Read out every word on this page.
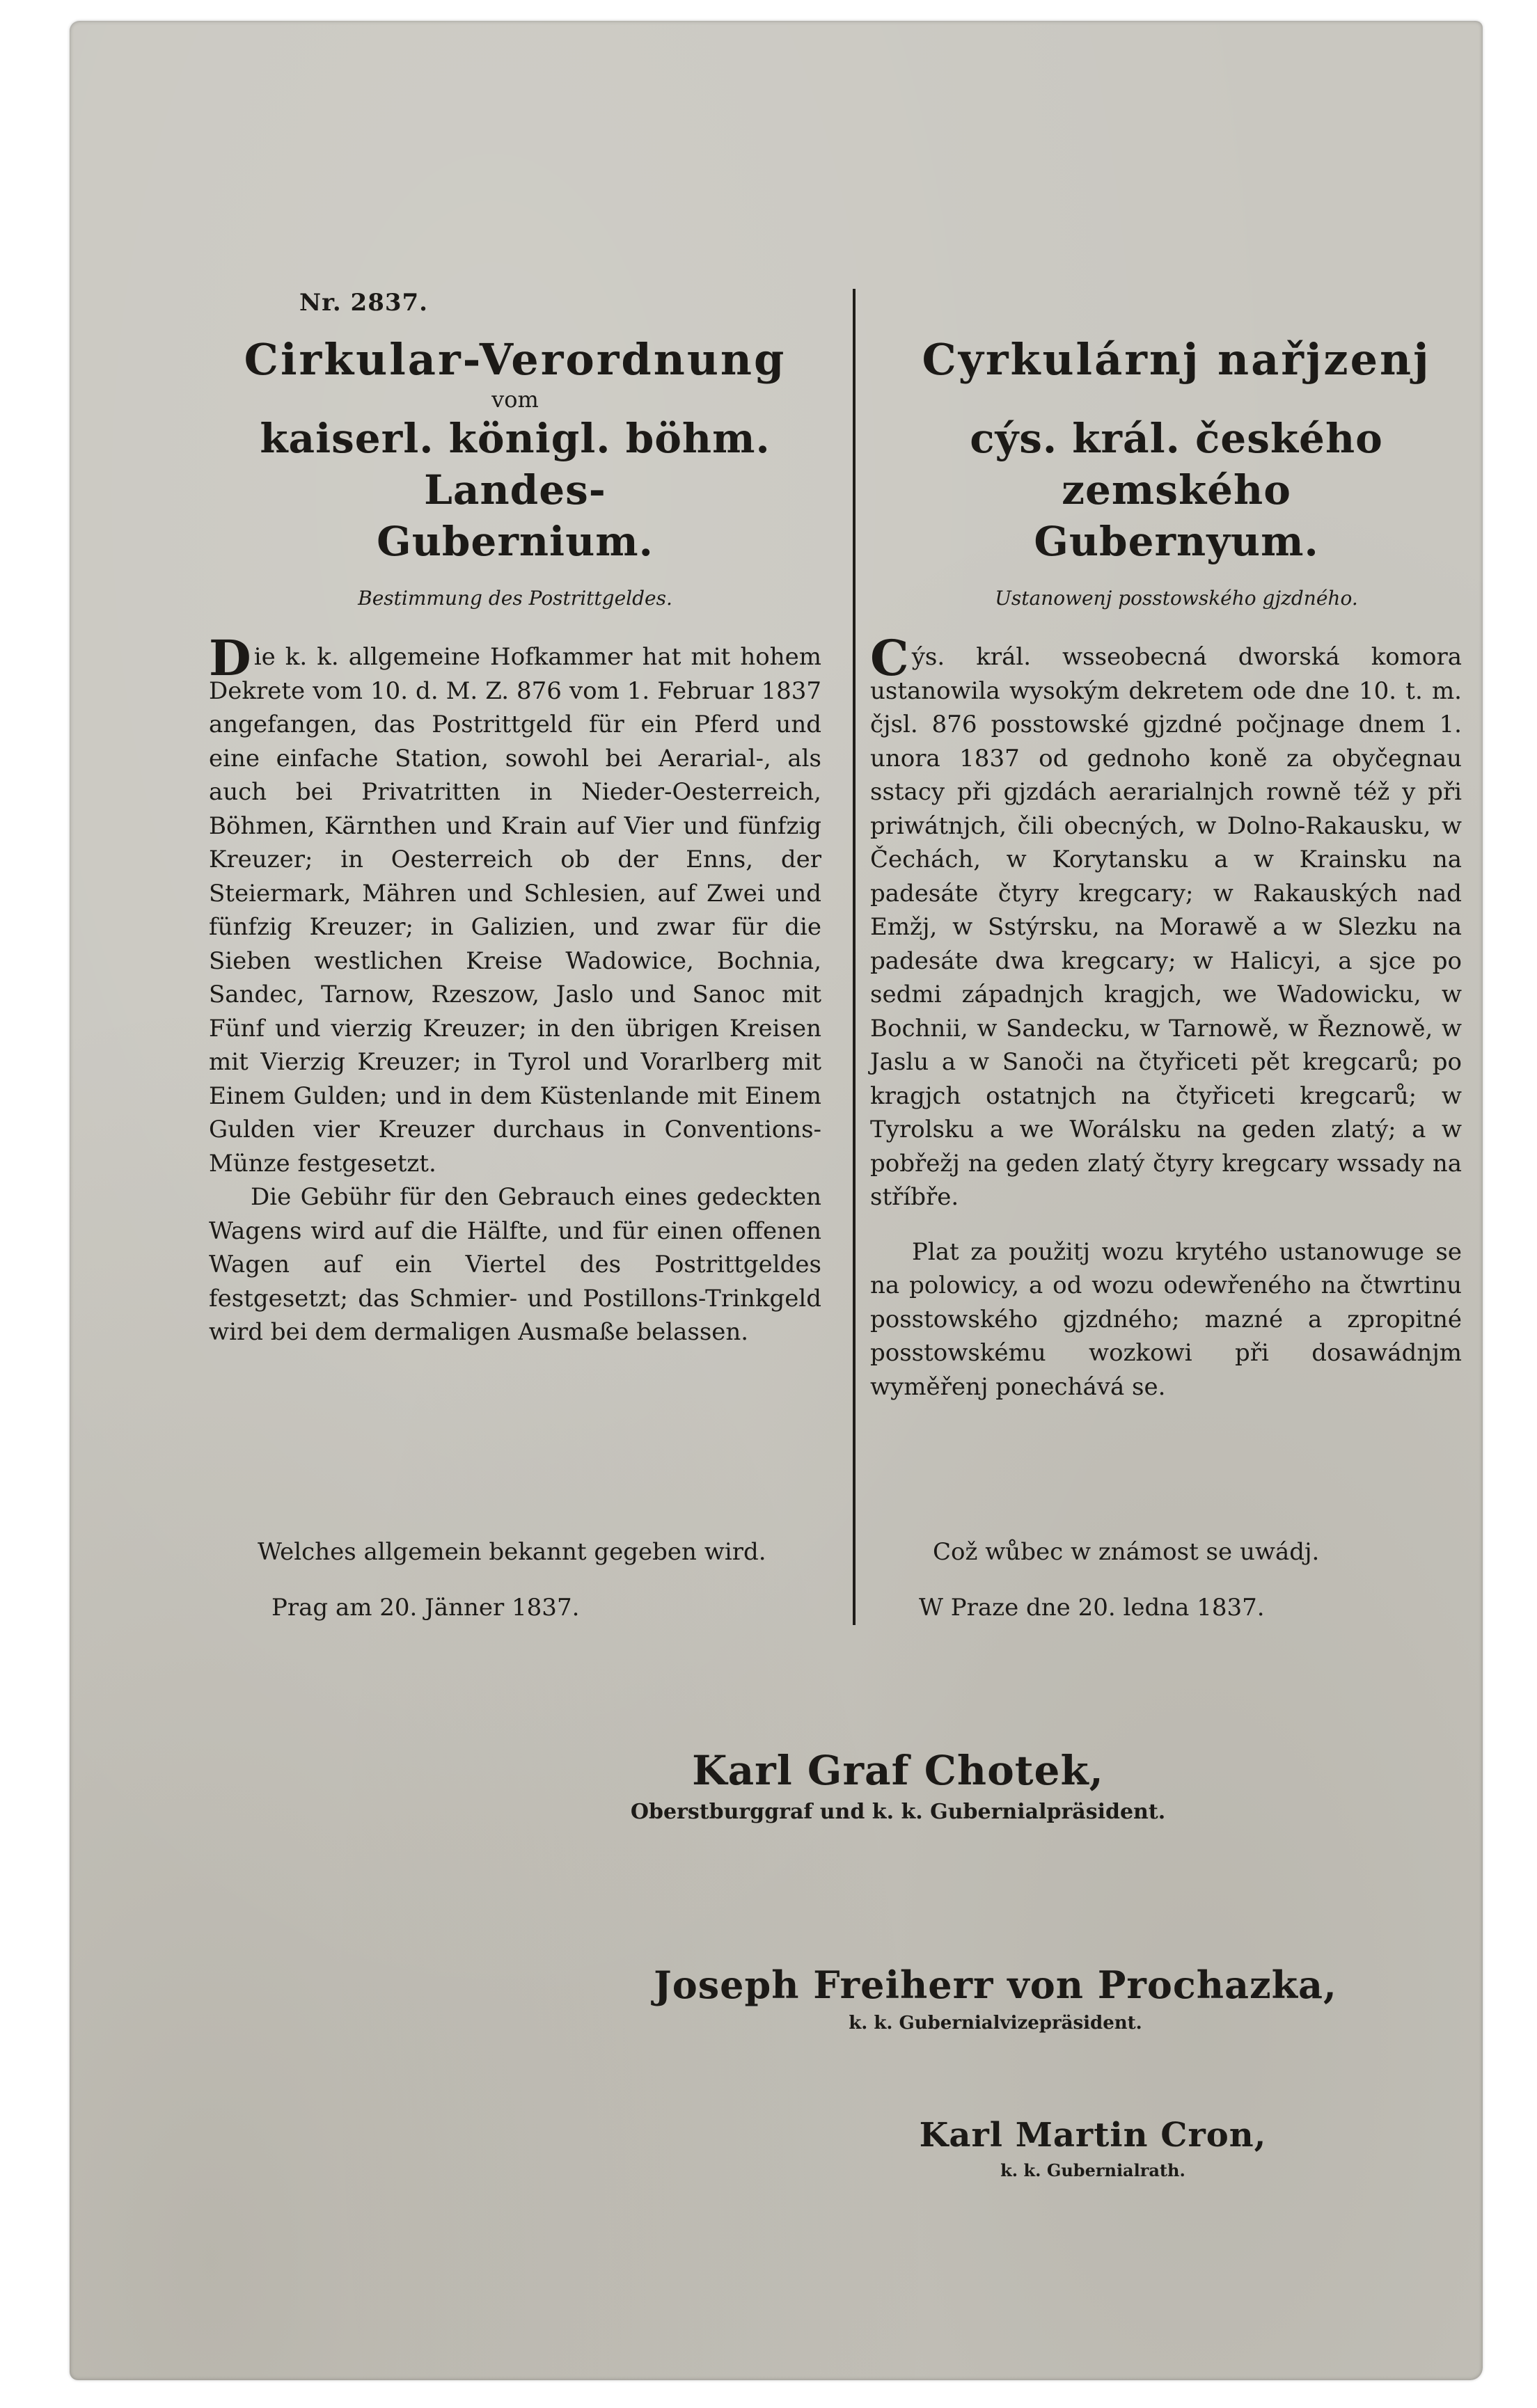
Nr. 2837.
Cirkular-Verordnung
vom
kaiserl. königl. böhm. Landes-
Gubernium.
Bestimmung des Postrittgeldes.

Die k. k. allgemeine Hofkammer hat mit hohem Dekrete vom 10. d. M. Z. 876 vom 1. Februar 1837 angefangen, das Postrittgeld für ein Pferd und eine einfache Station, sowohl bei Aerarial-, als auch bei Privatritten in Nieder-Oesterreich, Böhmen, Kärnthen und Krain auf Vier und fünfzig Kreuzer; in Oesterreich ob der Enns, der Steiermark, Mähren und Schlesien, auf Zwei und fünfzig Kreuzer; in Galizien, und zwar für die Sieben westlichen Kreise Wadowice, Bochnia, Sandec, Tarnow, Rzeszow, Jaslo und Sanoc mit Fünf und vierzig Kreuzer; in den übrigen Kreisen mit Vierzig Kreuzer; in Tyrol und Vorarlberg mit Einem Gulden; und in dem Küstenlande mit Einem Gulden vier Kreuzer durchaus in Conventions-Münze festgesetzt.

Die Gebühr für den Gebrauch eines gedeckten Wagens wird auf die Hälfte, und für einen offenen Wagen auf ein Viertel des Postrittgeldes festgesetzt; das Schmier- und Postillons-Trinkgeld wird bei dem dermaligen Ausmaße belassen.

Welches allgemein bekannt gegeben wird.
Prag am 20. Jänner 1837.
Cyrkulárnj nařjzenj
cýs. král. českého zemského
Gubernyum.
Ustanowenj posstowského gjzdného.

Cýs. král. wsseobecná dworská komora ustanowila wysokým dekretem ode dne 10. t. m. čjsl. 876 posstowské gjzdné počjnage dnem 1. unora 1837 od gednoho koně za obyčegnau sstacy při gjzdách aerarialnjch rowně též y při priwátnjch, čili obecných, w Dolno-Rakausku, w Čechách, w Korytansku a w Krainsku na padesáte čtyry kregcary; w Rakauských nad Emžj, w Sstýrsku, na Morawě a w Slezku na padesáte dwa kregcary; w Halicyi, a sjce po sedmi západnjch kragjch, we Wadowicku, w Bochnii, w Sandecku, w Tarnowě, w Řeznowě, w Jaslu a w Sanoči na čtyřiceti pět kregcarů; po kragjch ostatnjch na čtyřiceti kregcarů; w Tyrolsku a we Worálsku na geden zlatý; a w pobřežj na geden zlatý čtyry kregcary wssady na stříbře.

Plat za použitj wozu krytého ustanowuge se na polowicy, a od wozu odewřeného na čtwrtinu posstowského gjzdného; mazné a zpropitné posstowskému wozkowi při dosawádnjm wyměřenj ponechává se.

Což wůbec w známost se uwádj.
W Praze dne 20. ledna 1837.
Karl Graf Chotek,
Oberstburggraf und k. k. Gubernialpräsident.
Joseph Freiherr von Prochazka,
k. k. Gubernialvizepräsident.
Karl Martin Cron,
k. k. Gubernialrath.
